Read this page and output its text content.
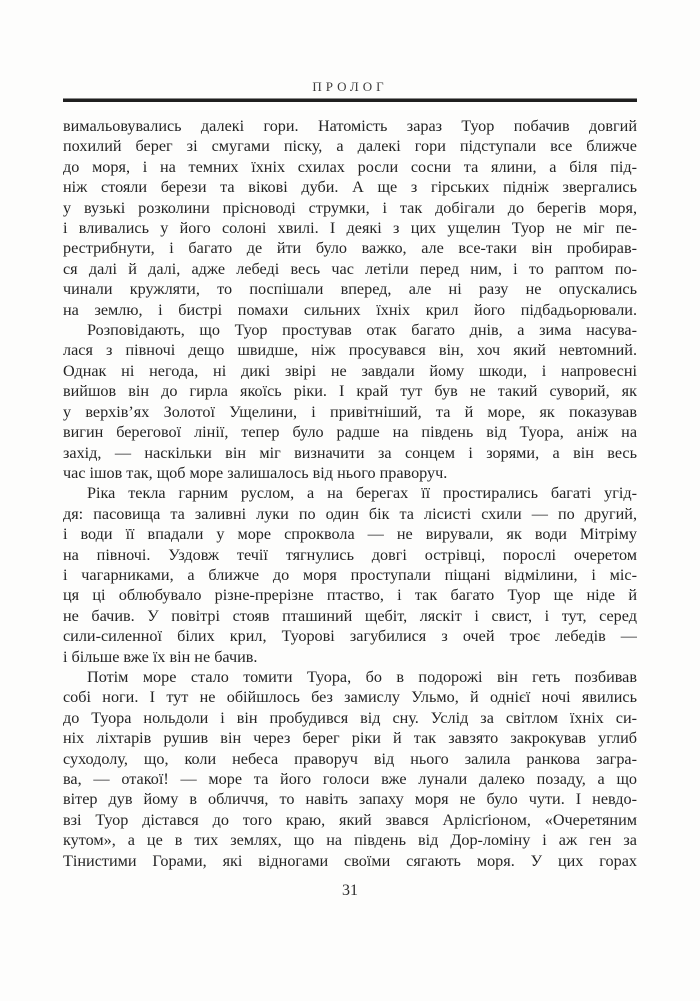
ПРОЛОГ
вимальовувались далекі гори. Натомість зараз Туор побачив довгий
похилий берег зі смугами піску, а далекі гори підступали все ближче
до моря, і на темних їхніх схилах росли сосни та ялини, а біля під-
ніж стояли берези та вікові дуби. А ще з гірських підніж звергались
у вузькі розколини прісноводі струмки, і так добігали до берегів моря,
і вливались у його солоні хвилі. І деякі з цих ущелин Туор не міг пе-
рестрибнути, і багато де йти було важко, але все-таки він пробирав-
ся далі й далі, адже лебеді весь час летіли перед ним, і то раптом по-
чинали кружляти, то поспішали вперед, але ні разу не опускались
на землю, і бистрі помахи сильних їхніх крил його підбадьорювали.
Розповідають, що Туор простував отак багато днів, а зима насува-
лася з півночі дещо швидше, ніж просувався він, хоч який невтомний.
Однак ні негода, ні дикі звірі не завдали йому шкоди, і напровесні
вийшов він до гирла якоїсь ріки. І край тут був не такий суворий, як
у верхів’ях Золотої Ущелини, і привітніший, та й море, як показував
вигин берегової лінії, тепер було радше на південь від Туора, аніж на
захід, — наскільки він міг визначити за сонцем і зорями, а він весь
час ішов так, щоб море залишалось від нього праворуч.
Ріка текла гарним руслом, а на берегах її простирались багаті угід-
дя: пасовища та заливні луки по один бік та лісисті схили — по другий,
і води її впадали у море спроквола — не вирували, як води Мітріму
на півночі. Уздовж течії тягнулись довгі острівці, порослі очеретом
і чагарниками, а ближче до моря проступали піщані відмілини, і міс-
ця ці облюбувало різне-прерізне птаство, і так багато Туор ще ніде й
не бачив. У повітрі стояв пташиний щебіт, ляскіт і свист, і тут, серед
сили-силенної білих крил, Туорові загубилися з очей троє лебедів —
і більше вже їх він не бачив.
Потім море стало томити Туора, бо в подорожі він геть позбивав
собі ноги. І тут не обійшлось без замислу Ульмо, й однієї ночі явились
до Туора нольдоли і він пробудився від сну. Услід за світлом їхніх си-
ніх ліхтарів рушив він через берег ріки й так завзято закрокував углиб
суходолу, що, коли небеса праворуч від нього залила ранкова загра-
ва, — отакої! — море та його голоси вже лунали далеко позаду, а що
вітер дув йому в обличчя, то навіть запаху моря не було чути. І невдо-
взі Туор дістався до того краю, який звався Арлісґіоном, «Очеретяним
кутом», а це в тих землях, що на південь від Дор-ломіну і аж ген за
Тінистими Горами, які відногами своїми сягають моря. У цих горах
31
